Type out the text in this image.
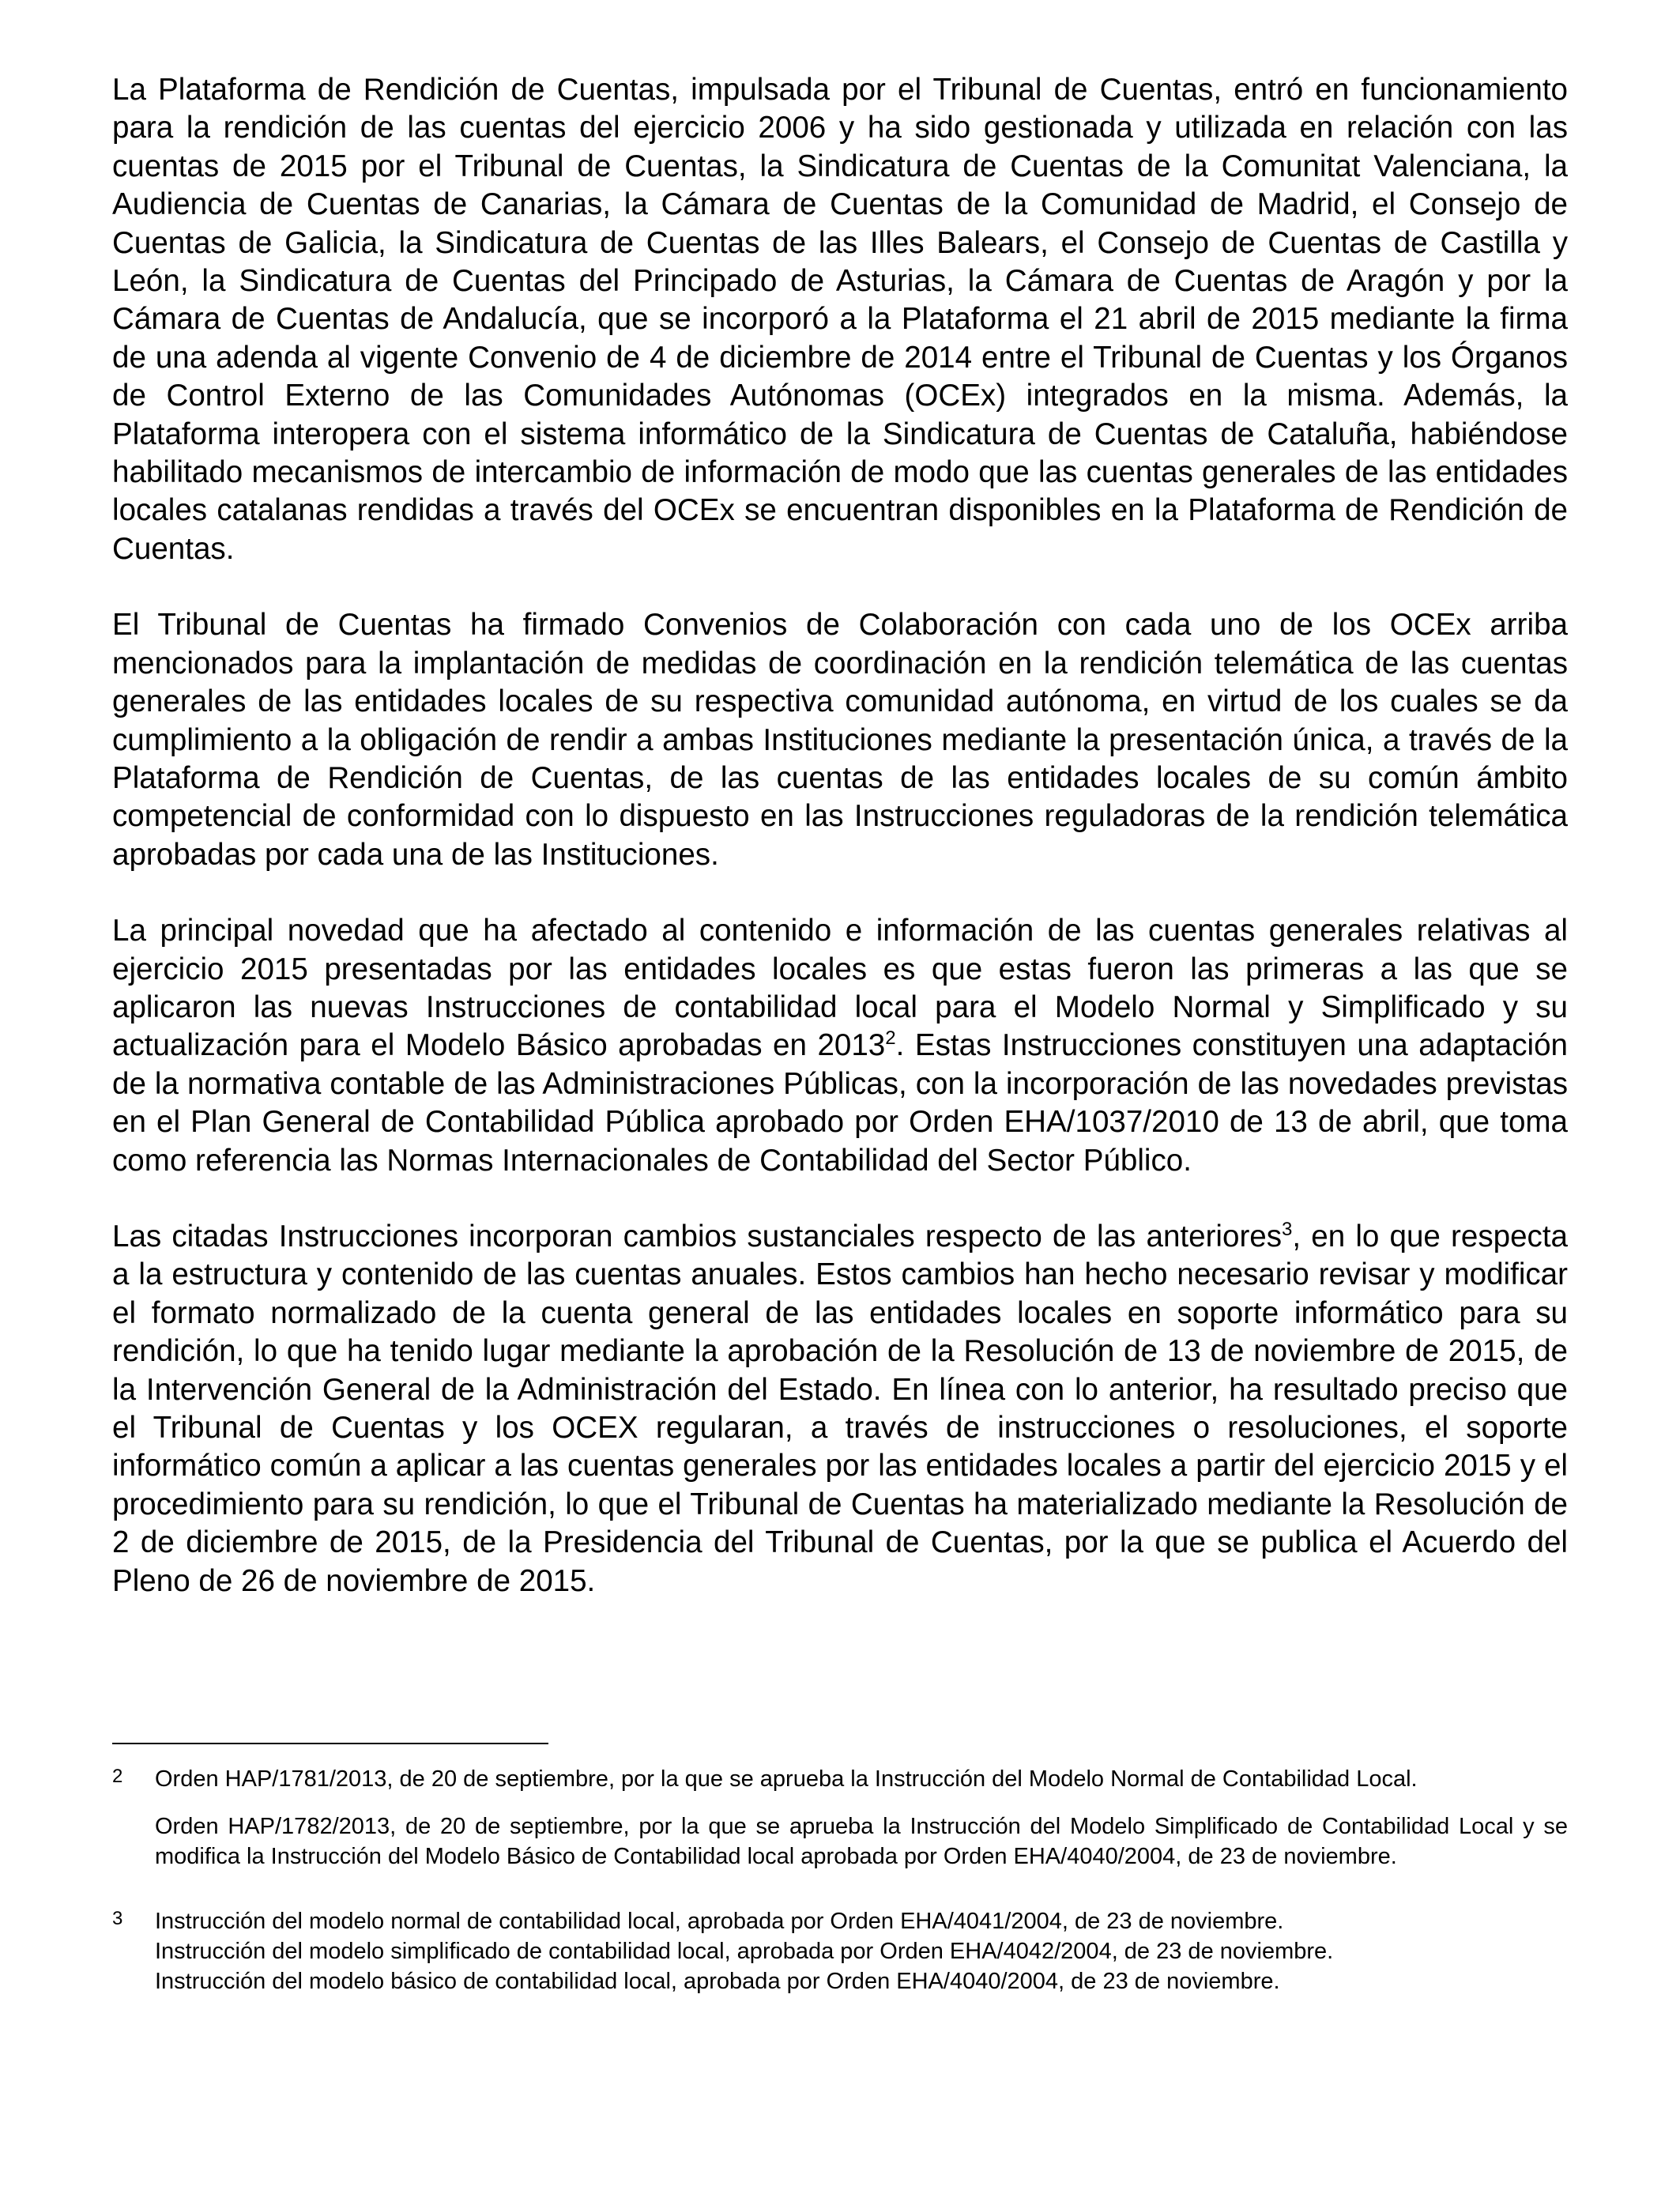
La Plataforma de Rendición de Cuentas, impulsada por el Tribunal de Cuentas, entró en funcionamiento para la rendición de las cuentas del ejercicio 2006 y ha sido gestionada y utilizada en relación con las cuentas de 2015 por el Tribunal de Cuentas, la Sindicatura de Cuentas de la Comunitat Valenciana, la Audiencia de Cuentas de Canarias, la Cámara de Cuentas de la Comunidad de Madrid, el Consejo de Cuentas de Galicia, la Sindicatura de Cuentas de las Illes Balears, el Consejo de Cuentas de Castilla y León, la Sindicatura de Cuentas del Principado de Asturias, la Cámara de Cuentas de Aragón y por la Cámara de Cuentas de Andalucía, que se incorporó a la Plataforma el 21 abril de 2015 mediante la firma de una adenda al vigente Convenio de 4 de diciembre de 2014 entre el Tribunal de Cuentas y los Órganos de Control Externo de las Comunidades Autónomas (OCEx) integrados en la misma. Además, la Plataforma interopera con el sistema informático de la Sindicatura de Cuentas de Cataluña, habiéndose habilitado mecanismos de intercambio de información de modo que las cuentas generales de las entidades locales catalanas rendidas a través del OCEx se encuentran disponibles en la Plataforma de Rendición de Cuentas.

El Tribunal de Cuentas ha firmado Convenios de Colaboración con cada uno de los OCEx arriba mencionados para la implantación de medidas de coordinación en la rendición telemática de las cuentas generales de las entidades locales de su respectiva comunidad autónoma, en virtud de los cuales se da cumplimiento a la obligación de rendir a ambas Instituciones mediante la presentación única, a través de la Plataforma de Rendición de Cuentas, de las cuentas de las entidades locales de su común ámbito competencial de conformidad con lo dispuesto en las Instrucciones reguladoras de la rendición telemática aprobadas por cada una de las Instituciones.

La principal novedad que ha afectado al contenido e información de las cuentas generales relativas al ejercicio 2015 presentadas por las entidades locales es que estas fueron las primeras a las que se aplicaron las nuevas Instrucciones de contabilidad local para el Modelo Normal y Simplificado y su actualización para el Modelo Básico aprobadas en 2013$^2$. Estas Instrucciones constituyen una adaptación de la normativa contable de las Administraciones Públicas, con la incorporación de las novedades previstas en el Plan General de Contabilidad Pública aprobado por Orden EHA/1037/2010 de 13 de abril, que toma como referencia las Normas Internacionales de Contabilidad del Sector Público.

Las citadas Instrucciones incorporan cambios sustanciales respecto de las anteriores$^3$, en lo que respecta a la estructura y contenido de las cuentas anuales. Estos cambios han hecho necesario revisar y modificar el formato normalizado de la cuenta general de las entidades locales en soporte informático para su rendición, lo que ha tenido lugar mediante la aprobación de la Resolución de 13 de noviembre de 2015, de la Intervención General de la Administración del Estado. En línea con lo anterior, ha resultado preciso que el Tribunal de Cuentas y los OCEX regularan, a través de instrucciones o resoluciones, el soporte informático común a aplicar a las cuentas generales por las entidades locales a partir del ejercicio 2015 y el procedimiento para su rendición, lo que el Tribunal de Cuentas ha materializado mediante la Resolución de 2 de diciembre de 2015, de la Presidencia del Tribunal de Cuentas, por la que se publica el Acuerdo del Pleno de 26 de noviembre de 2015.

2	Orden HAP/1781/2013, de 20 de septiembre, por la que se aprueba la Instrucción del Modelo Normal de Contabilidad Local.

Orden HAP/1782/2013, de 20 de septiembre, por la que se aprueba la Instrucción del Modelo Simplificado de Contabilidad Local y se modifica la Instrucción del Modelo Básico de Contabilidad local aprobada por Orden EHA/4040/2004, de 23 de noviembre.

3	Instrucción del modelo normal de contabilidad local, aprobada por Orden EHA/4041/2004, de 23 de noviembre.

Instrucción del modelo simplificado de contabilidad local, aprobada por Orden EHA/4042/2004, de 23 de noviembre.

Instrucción del modelo básico de contabilidad local, aprobada por Orden EHA/4040/2004, de 23 de noviembre.
